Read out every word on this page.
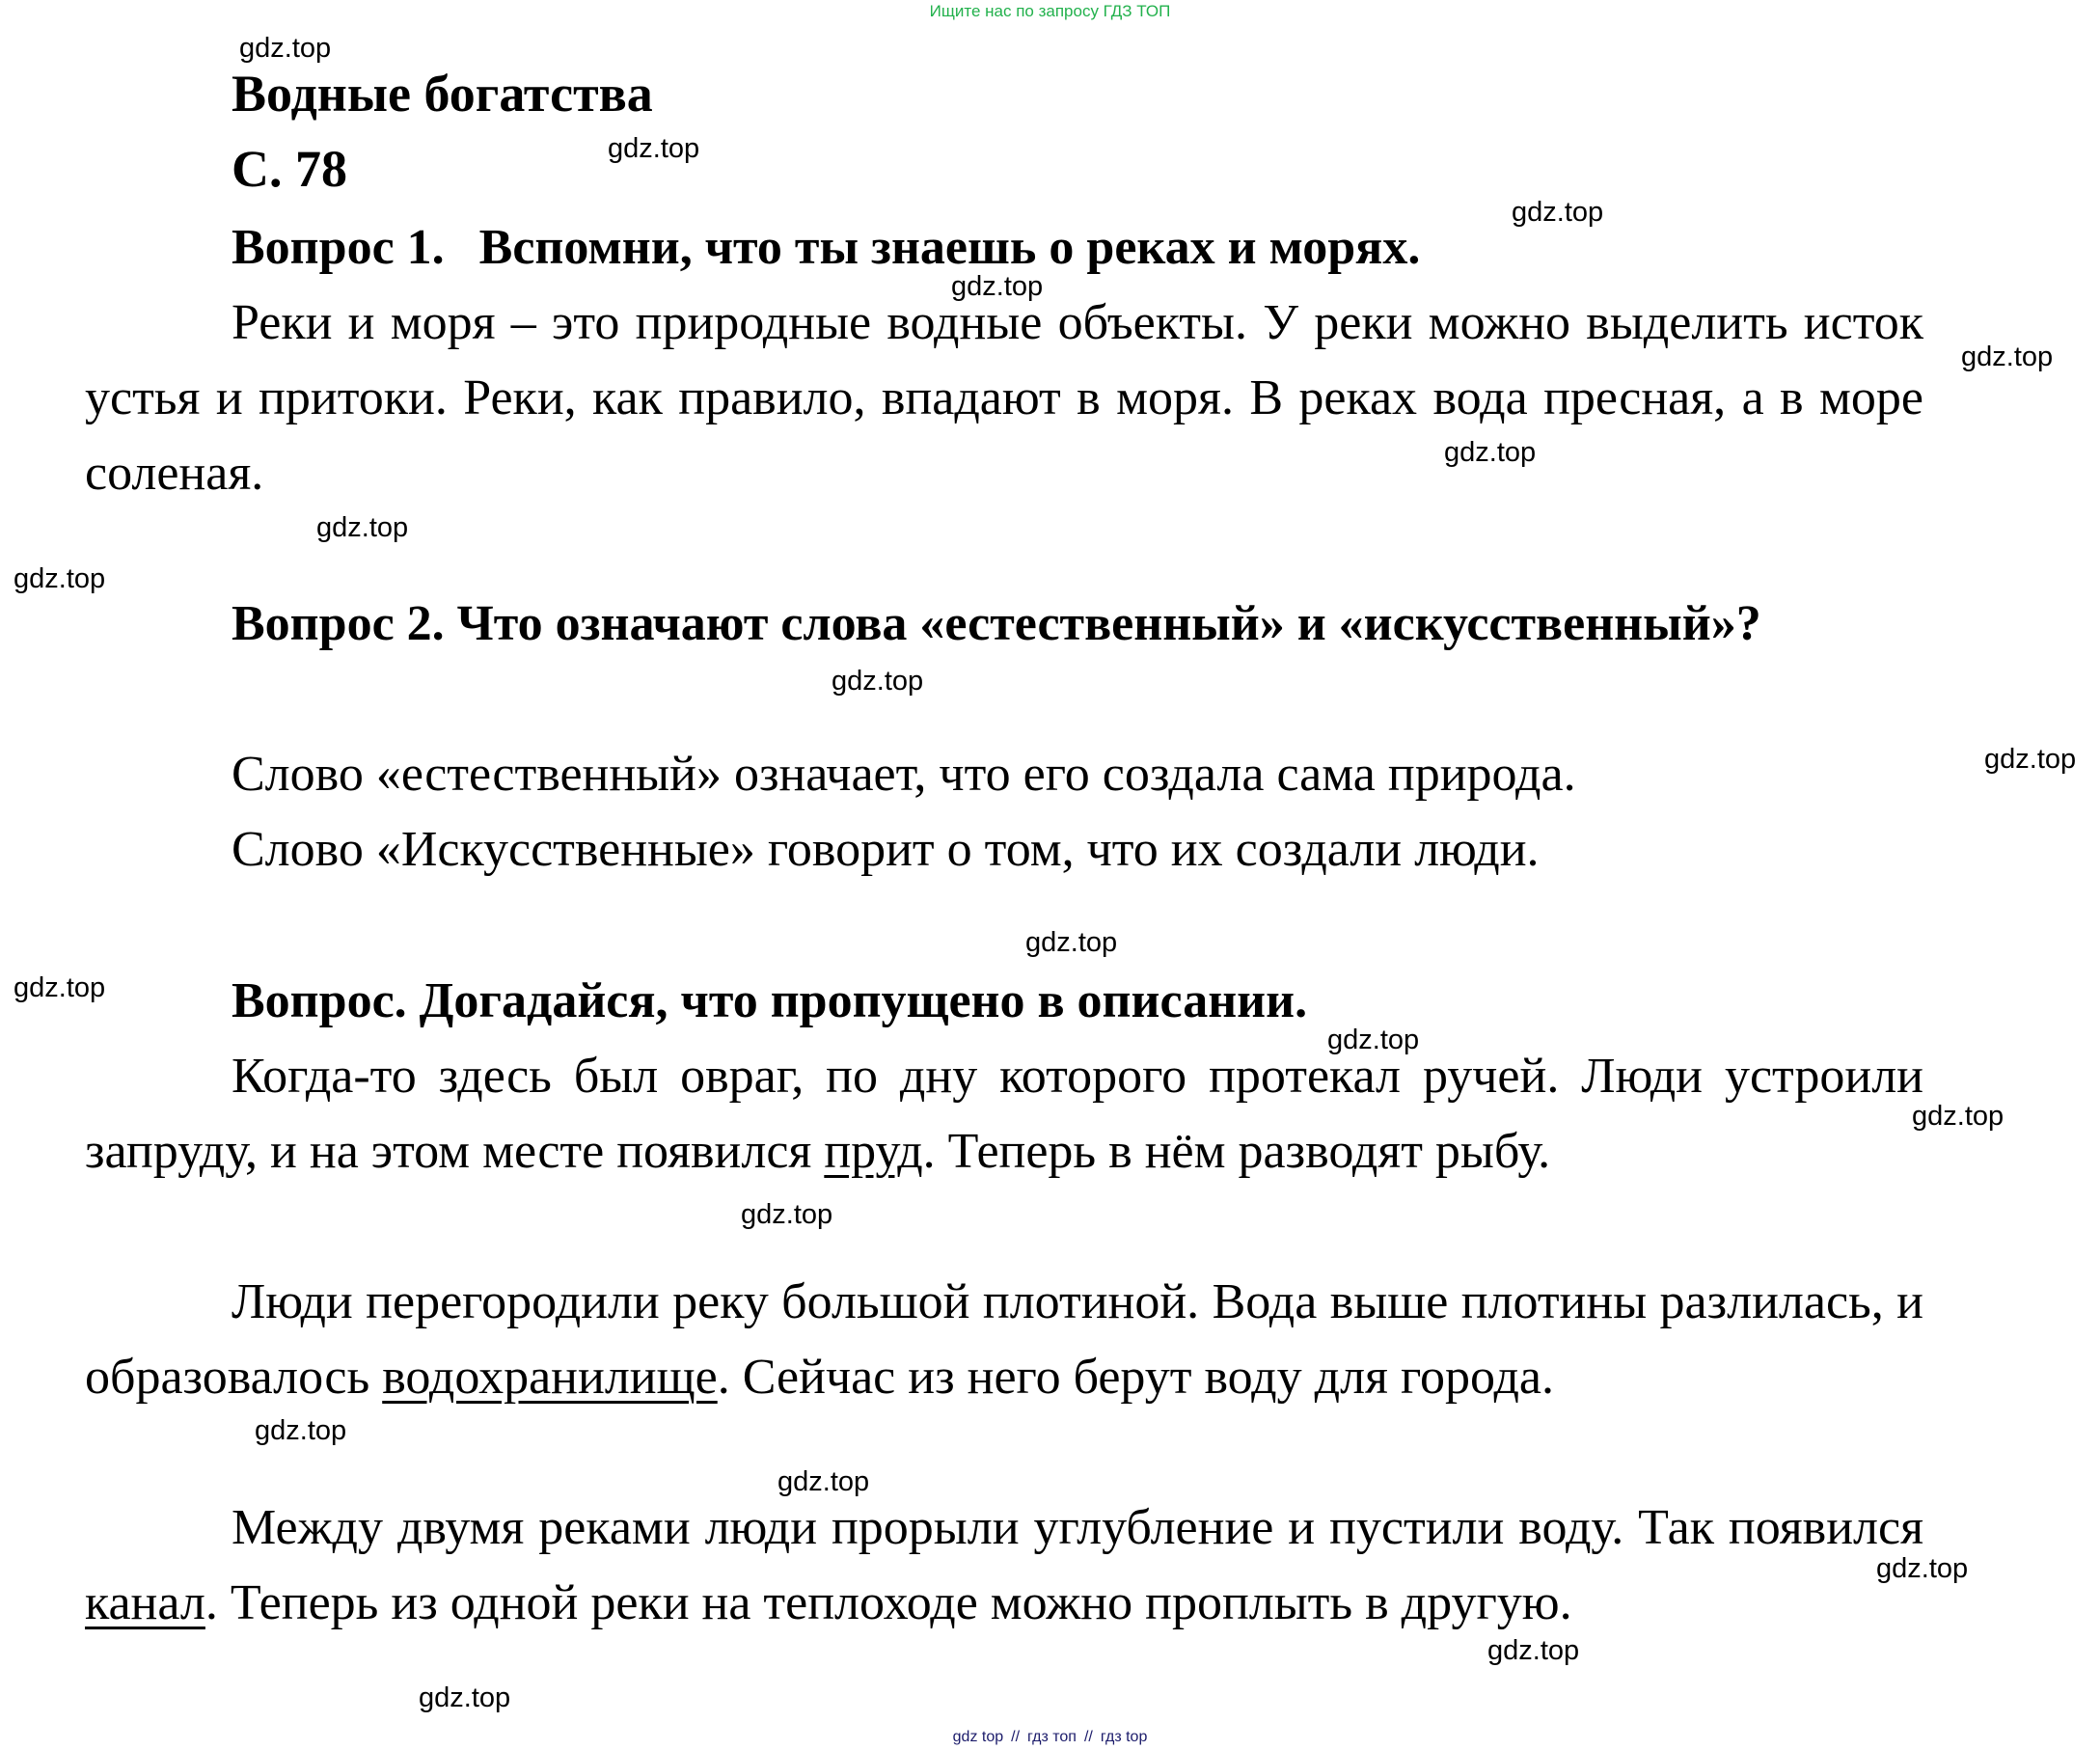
Ищите нас по запросу ГДЗ ТОП
gdz.top
gdz.top
gdz.top
gdz.top
gdz.top
gdz.top
gdz.top
gdz.top
gdz.top
gdz.top
gdz.top
gdz.top
gdz.top
gdz.top
gdz.top
gdz.top
gdz.top
gdz.top
gdz.top
gdz.top
Водные богатства
С. 78
Вопрос 1. Вспомни, что ты знаешь о реках и морях.
Реки и моря – это природные водные объекты. У реки можно выделить исток устья и притоки. Реки, как правило, впадают в моря. В реках вода пресная, а в море соленая.
Вопрос 2. Что означают слова «естественный» и «искусственный»?
Слово «естественный» означает, что его создала сама природа.
Слово «Искусственные» говорит о том, что их создали люди.
Вопрос. Догадайся, что пропущено в описании.
Когда-то здесь был овраг, по дну которого протекал ручей. Люди устроили запруду, и на этом месте появился пруд. Теперь в нём разводят рыбу.
Люди перегородили реку большой плотиной. Вода выше плотины разлилась, и образовалось водохранилище. Сейчас из него берут воду для города.
Между двумя реками люди прорыли углубление и пустили воду. Так появился канал. Теперь из одной реки на теплоходе можно проплыть в другую.
gdz top // гдз топ // гдз top
